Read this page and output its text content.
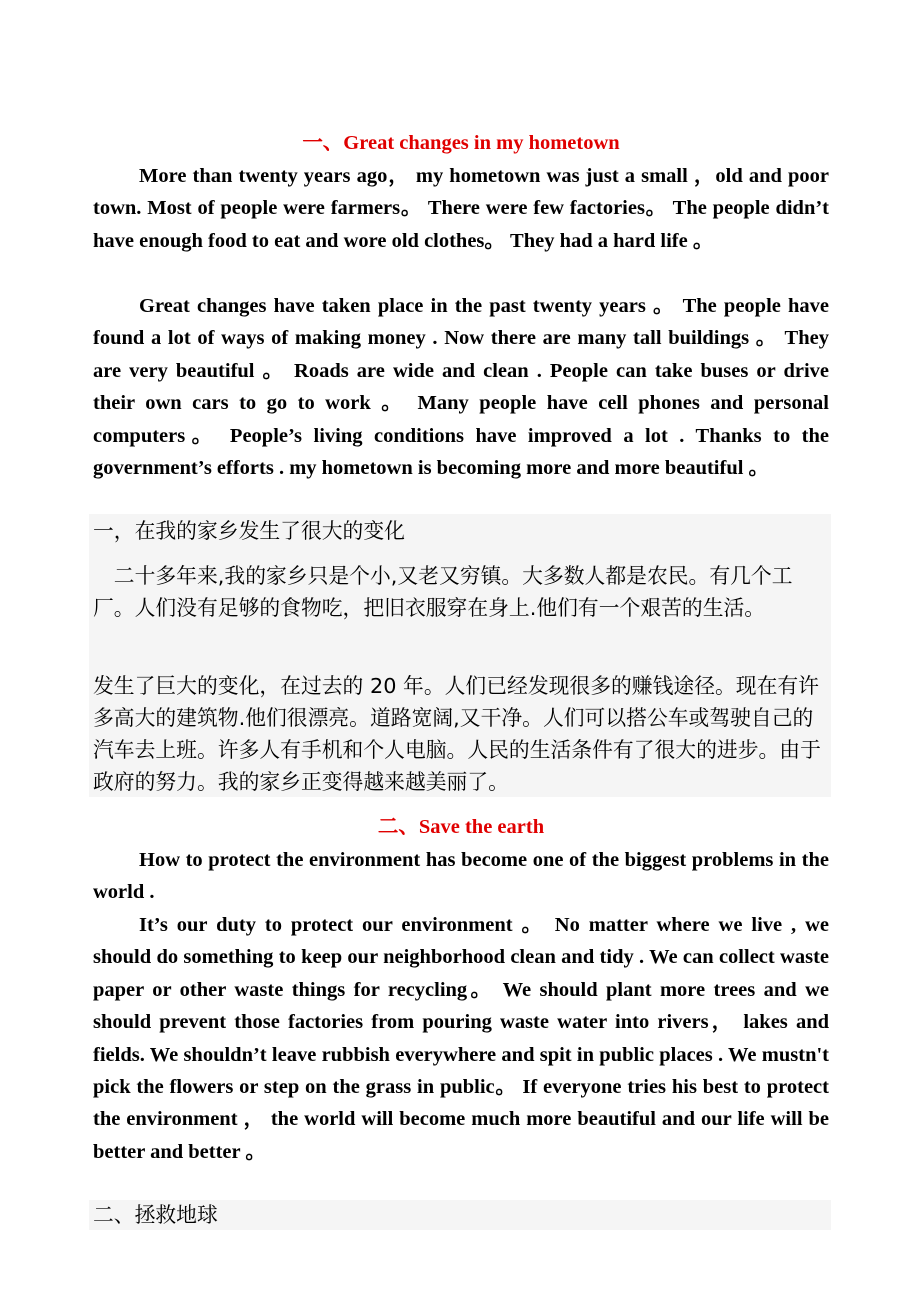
一、Great changes in my hometown

More than twenty years ago， my hometown was just a small ，old and poor town. Most of people were farmers。 There were few factories。 The people didn’t have enough food to eat and wore old clothes。 They had a hard life 。

Great changes have taken place in the past twenty years 。 The people have found a lot of ways of making money . Now there are many tall buildings 。 They are very beautiful 。 Roads are wide and clean . People can take buses or drive their own cars to go to work 。 Many people have cell phones and personal computers。 People’s living conditions have improved a lot . Thanks to the government’s efforts . my hometown is becoming more and more beautiful 。

一，在我的家乡发生了很大的变化

　二十多年来,我的家乡只是个小,又老又穷镇。大多数人都是农民。有几个工厂。人们没有足够的食物吃，把旧衣服穿在身上.他们有一个艰苦的生活。

发生了巨大的变化，在过去的 20 年。人们已经发现很多的赚钱途径。现在有许多高大的建筑物.他们很漂亮。道路宽阔,又干净。人们可以搭公车或驾驶自己的汽车去上班。许多人有手机和个人电脑。人民的生活条件有了很大的进步。由于政府的努力。我的家乡正变得越来越美丽了。

二、Save the earth

How to protect the environment has become one of the biggest problems in the world .

It’s our duty to protect our environment 。 No matter where we live , we should do something to keep our neighborhood clean and tidy . We can collect waste paper or other waste things for recycling。 We should plant more trees and we should prevent those factories from pouring waste water into rivers， lakes and fields. We shouldn’t leave rubbish everywhere and spit in public places . We mustn't pick the flowers or step on the grass in public。 If everyone tries his best to protect the environment ， the world will become much more beautiful and our life will be better and better 。

二、拯救地球
